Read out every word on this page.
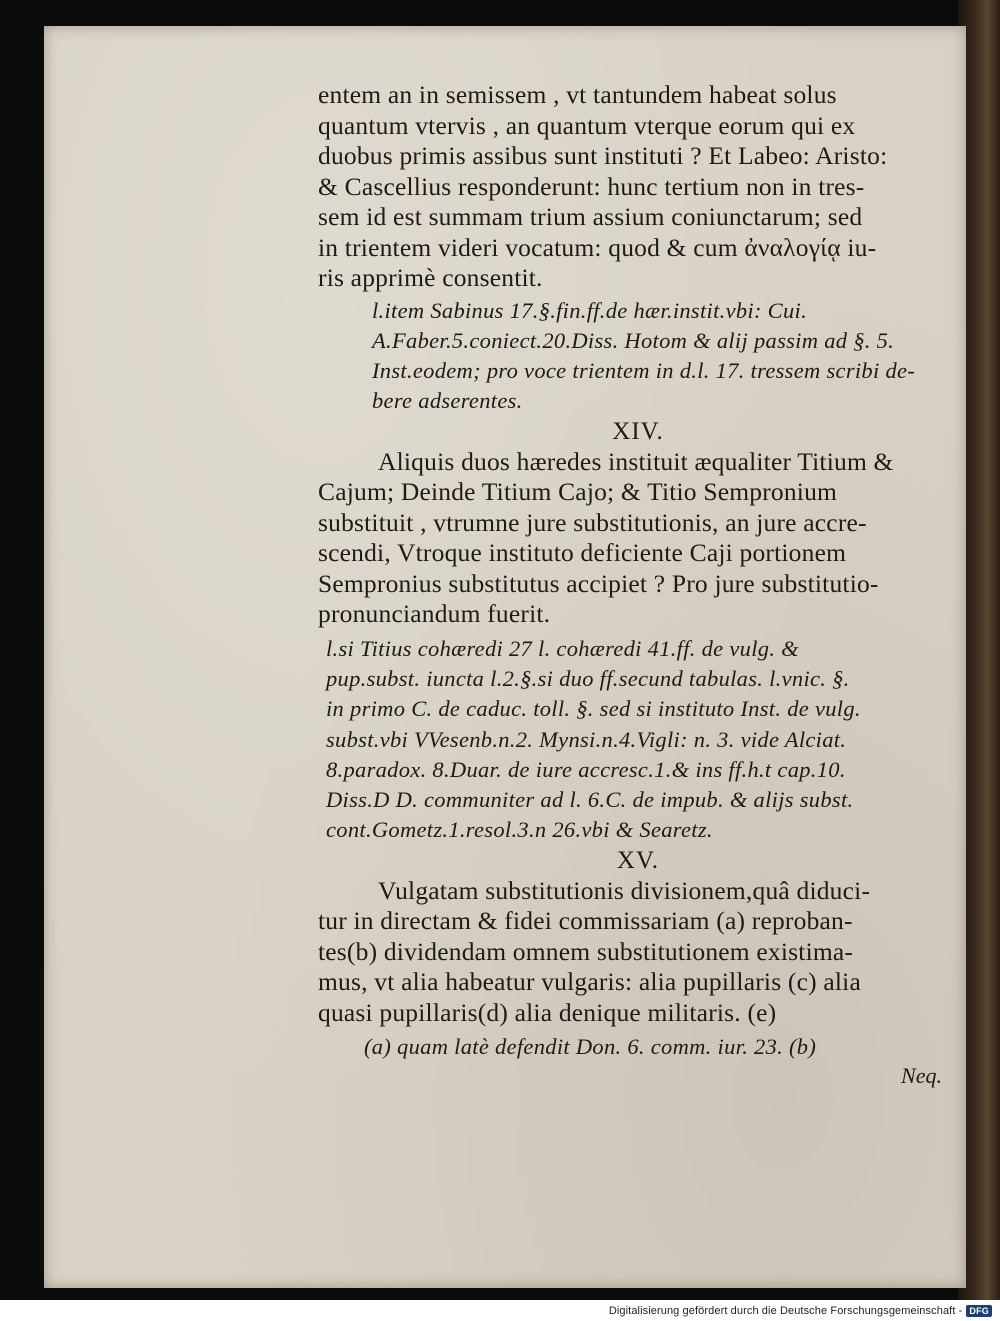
entem an in semissem , vt tantundem habeat solus
quantum vtervis , an quantum vterque eorum qui ex
duobus primis assibus sunt instituti ? Et Labeo: Aristo:
& Cascellius responderunt: hunc tertium non in tres-
sem id est summam trium assium coniunctarum; sed
in trientem videri vocatum: quod & cum ἀναλογίᾳ iu-
ris apprimè consentit.

l.item Sabinus 17.§.fin.ff.de hær.instit.vbi: Cui.
A.Faber.5.coniect.20.Diss. Hotom & alij passim ad §. 5.
Inst.eodem; pro voce trientem in d.l. 17. tressem scribi de-
bere adserentes.

XIV.

Aliquis duos hæredes instituit æqualiter Titium &
Cajum; Deinde Titium Cajo; & Titio Sempronium
substituit , vtrumne jure substitutionis, an jure accre-
scendi, Vtroque instituto deficiente Caji portionem
Sempronius substitutus accipiet ? Pro jure substitutio-
pronunciandum fuerit.

l.si Titius cohæredi 27 l. cohæredi 41.ff. de vulg. &
pup.subst. iuncta l.2.§.si duo ff.secund tabulas. l.vnic. §.
in primo C. de caduc. toll. §. sed si instituto Inst. de vulg.
subst.vbi VVesenb.n.2. Mynsi.n.4.Vigli: n. 3. vide Alciat.
8.paradox. 8.Duar. de iure accresc.1.& ins ff.h.t cap.10.
Diss.D D. communiter ad l. 6.C. de impub. & alijs subst.
cont.Gometz.1.resol.3.n 26.vbi & Searetz.

XV.

Vulgatam substitutionis divisionem,quâ diduci-
tur in directam & fidei commissariam (a) reproban-
tes(b) dividendam omnem substitutionem existima-
mus, vt alia habeatur vulgaris: alia pupillaris (c) alia
quasi pupillaris(d) alia denique militaris. (e)

(a) quam latè defendit Don. 6. comm. iur. 23. (b)

Neq.

Digitalisierung gefördert durch die Deutsche Forschungsgemeinschaft - DFG
